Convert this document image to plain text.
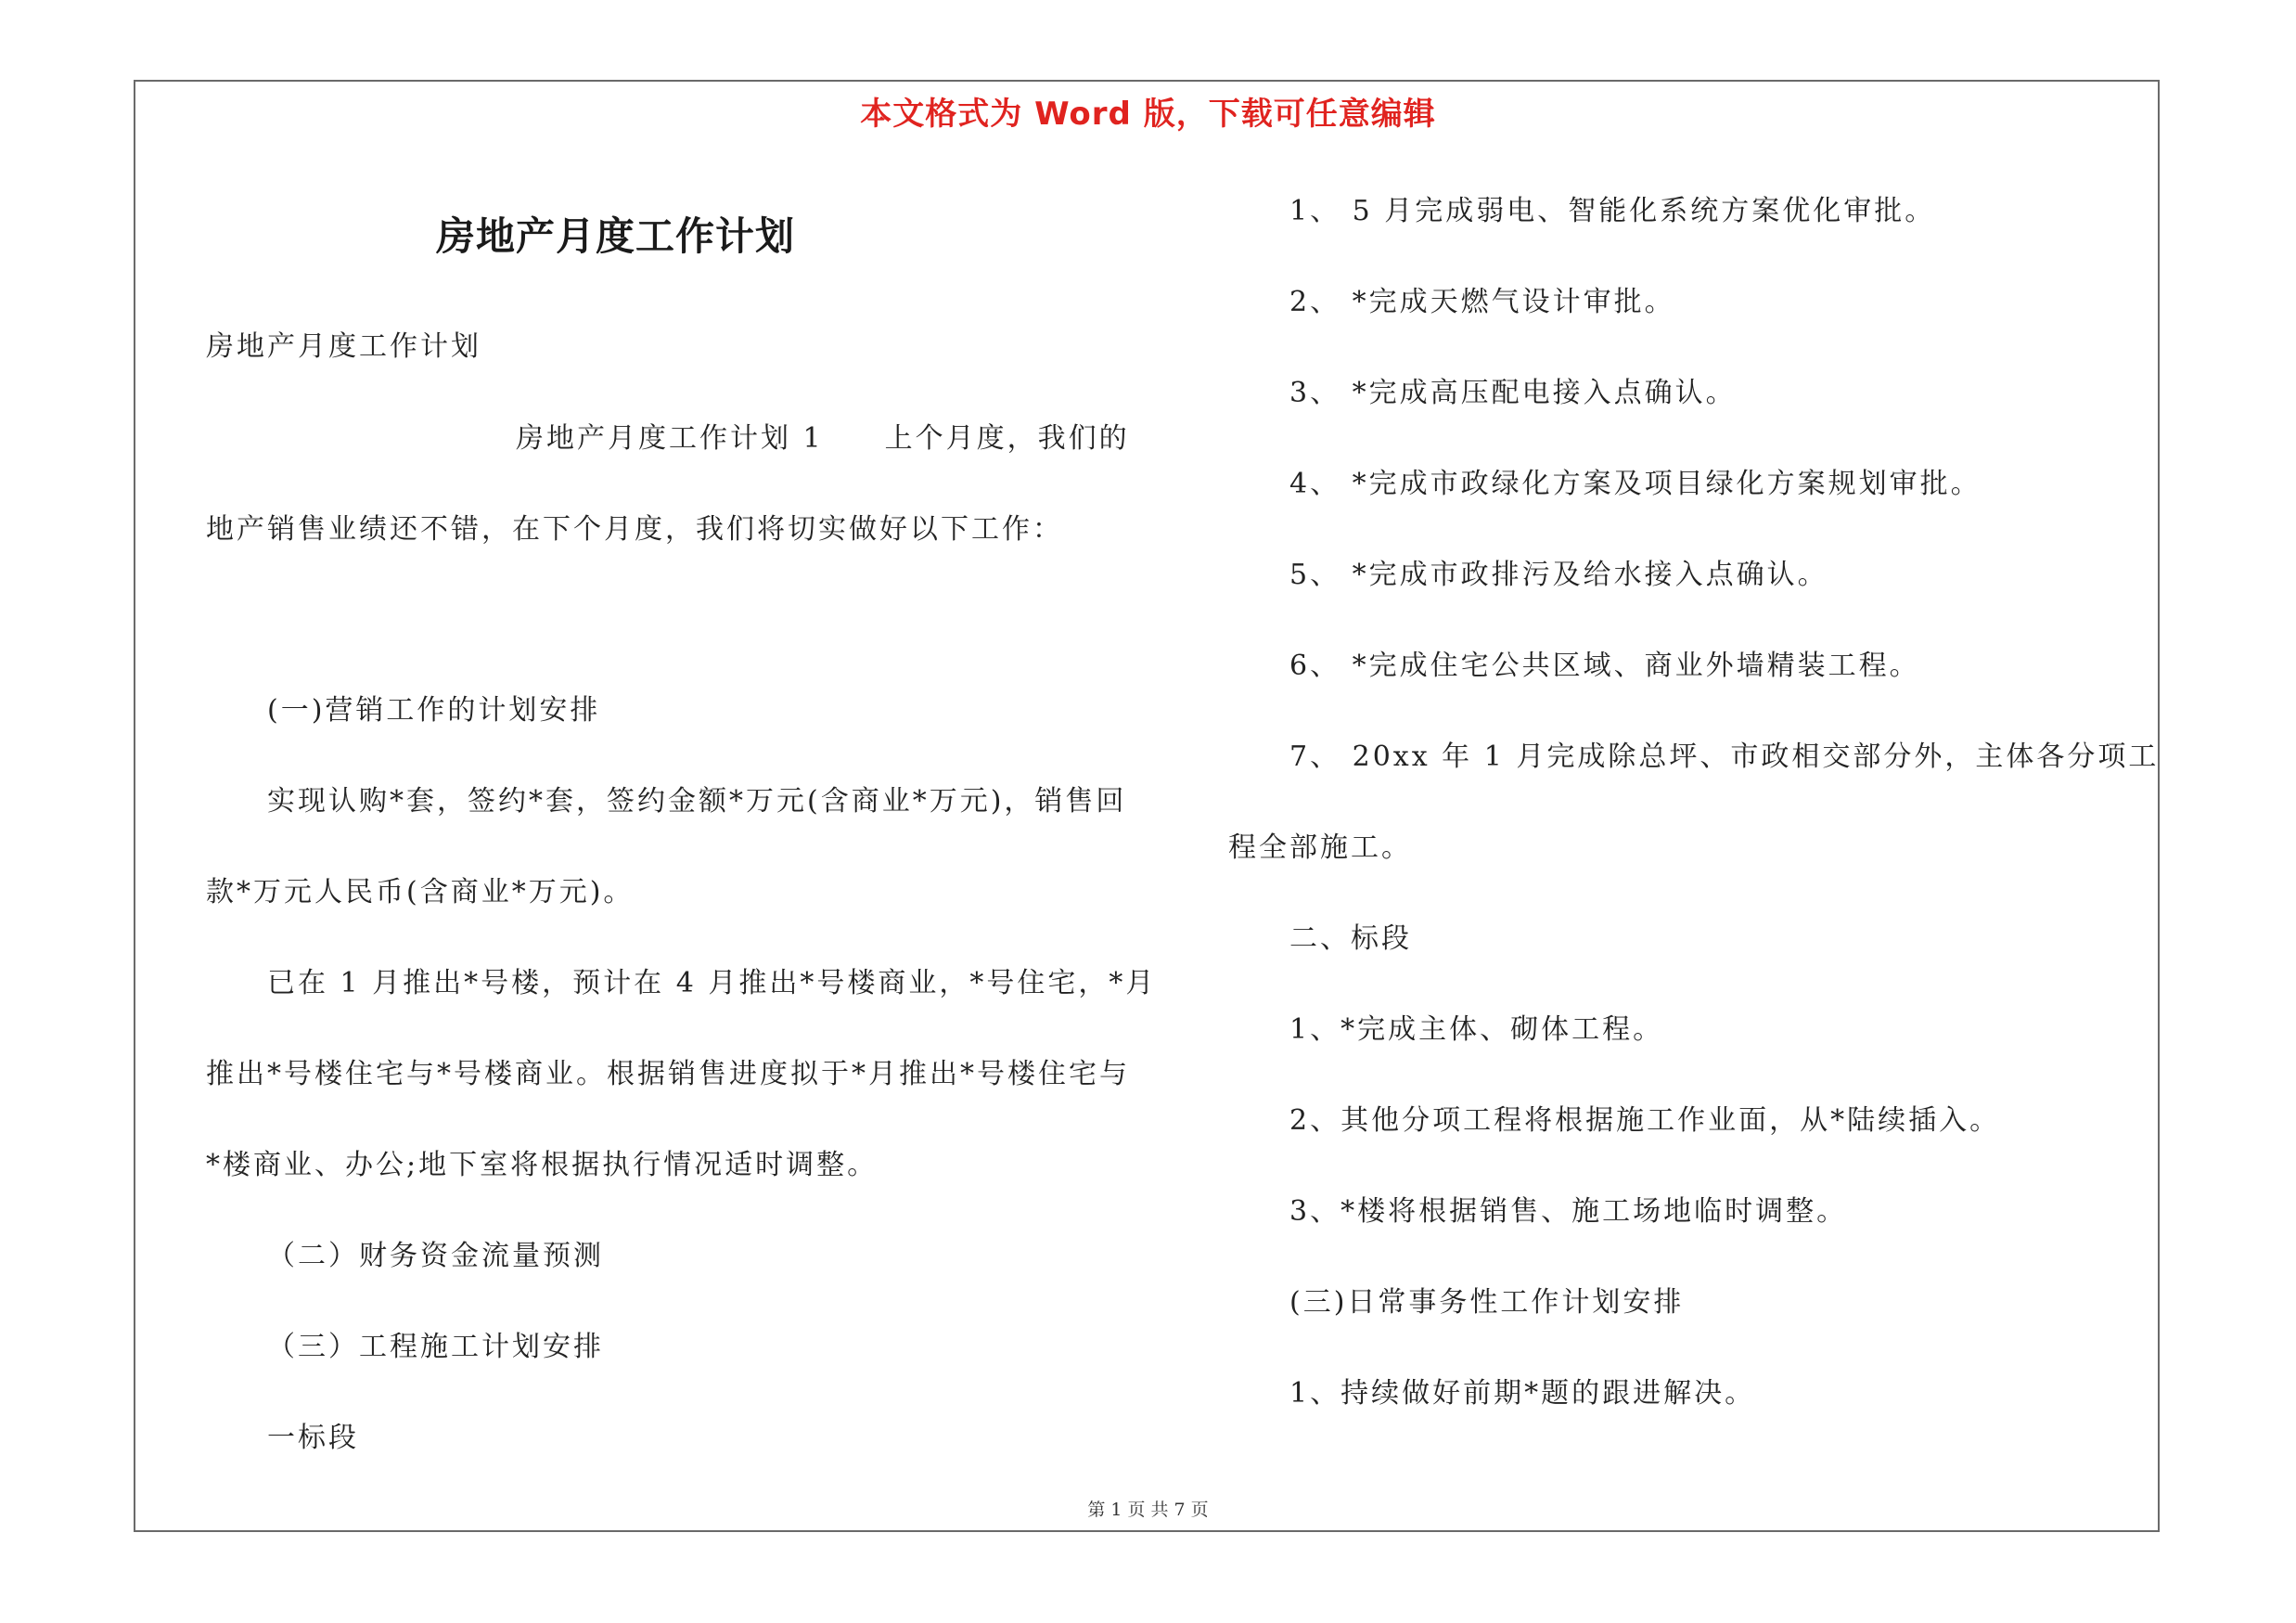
本文格式为 Word 版，下载可任意编辑
房地产月度工作计划
房地产月度工作计划
房地产月度工作计划 1　　上个月度，我们的
地产销售业绩还不错，在下个月度，我们将切实做好以下工作：
(一)营销工作的计划安排
实现认购*套，签约*套，签约金额*万元(含商业*万元)，销售回
款*万元人民币(含商业*万元)。
已在 1 月推出*号楼，预计在 4 月推出*号楼商业，*号住宅，*月
推出*号楼住宅与*号楼商业。根据销售进度拟于*月推出*号楼住宅与
*楼商业、办公;地下室将根据执行情况适时调整。
（二）财务资金流量预测
（三）工程施工计划安排
一标段
1、 5 月完成弱电、智能化系统方案优化审批。
2、 *完成天燃气设计审批。
3、 *完成高压配电接入点确认。
4、 *完成市政绿化方案及项目绿化方案规划审批。
5、 *完成市政排污及给水接入点确认。
6、 *完成住宅公共区域、商业外墙精装工程。
7、 20xx 年 1 月完成除总坪、市政相交部分外，主体各分项工
程全部施工。
二、标段
1、*完成主体、砌体工程。
2、其他分项工程将根据施工作业面，从*陆续插入。
3、*楼将根据销售、施工场地临时调整。
(三)日常事务性工作计划安排
1、持续做好前期*题的跟进解决。
第 1 页 共 7 页
